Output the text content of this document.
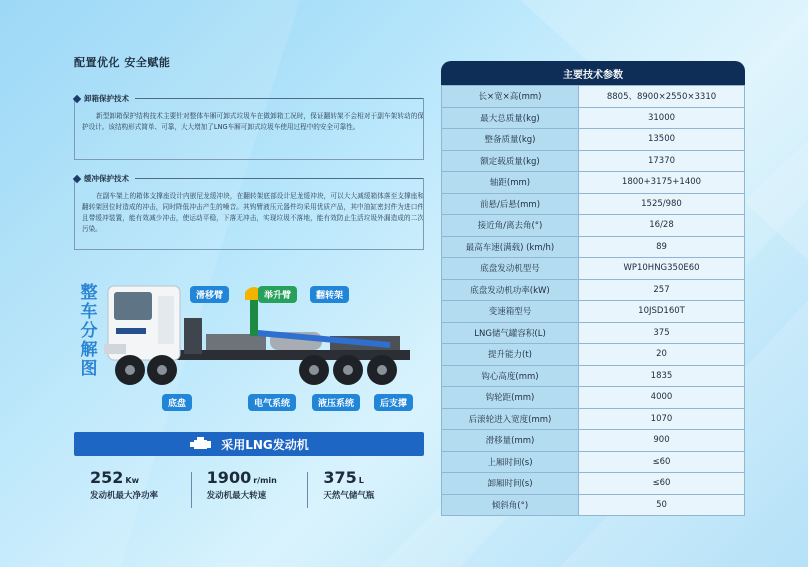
配置优化 安全赋能
卸箱保护技术
新型卸箱保护结构技术主要针对整体车厢可卸式垃圾车在做卸箱工况时，保证翻转架不会相对于副车架转动的保护设计。该结构形式简单、可靠，大大增加了LNG车厢可卸式垃圾车使用过程中的安全可靠性。
缓冲保护技术
在副车架上的箱体支撑座设计内嵌尼龙缓冲块，在翻转架底部设计尼龙缓冲块，可以大大减缓箱体落至支撑座和翻转架回位时造成的冲击，同时降低冲击产生的噪音。其钩臂液压元器件均采用优质产品，其中油缸密封件为进口件且带缓冲装置，能有效减少冲击，使运动平稳，下落无冲击，实现垃圾不落地，能有效防止生活垃圾外漏造成的二次污染。
整
车
分
解
图
滑移臂	举升臂	翻转架
底盘	电气系统	液压系统	后支撑
采用LNG发动机
252 Kw
发动机最大净功率
1900 r/min
发动机最大转速
375 L
天然气储气瓶
主要技术参数
长×宽×高(mm)	8805、8900×2550×3310
最大总质量(kg)	31000
整备质量(kg)	13500
额定载质量(kg)	17370
轴距(mm)	1800+3175+1400
前悬/后悬(mm)	1525/980
接近角/离去角(°)	16/28
最高车速(满载) (km/h)	89
底盘发动机型号	WP10HNG350E60
底盘发动机功率(kW)	257
变速箱型号	10JSD160T
LNG储气罐容积(L)	375
提升能力(t)	20
钩心高度(mm)	1835
钩轮距(mm)	4000
后滚轮进入宽度(mm)	1070
滑移量(mm)	900
上厢时间(s)	≤60
卸厢时间(s)	≤60
倾斜角(°)	50
